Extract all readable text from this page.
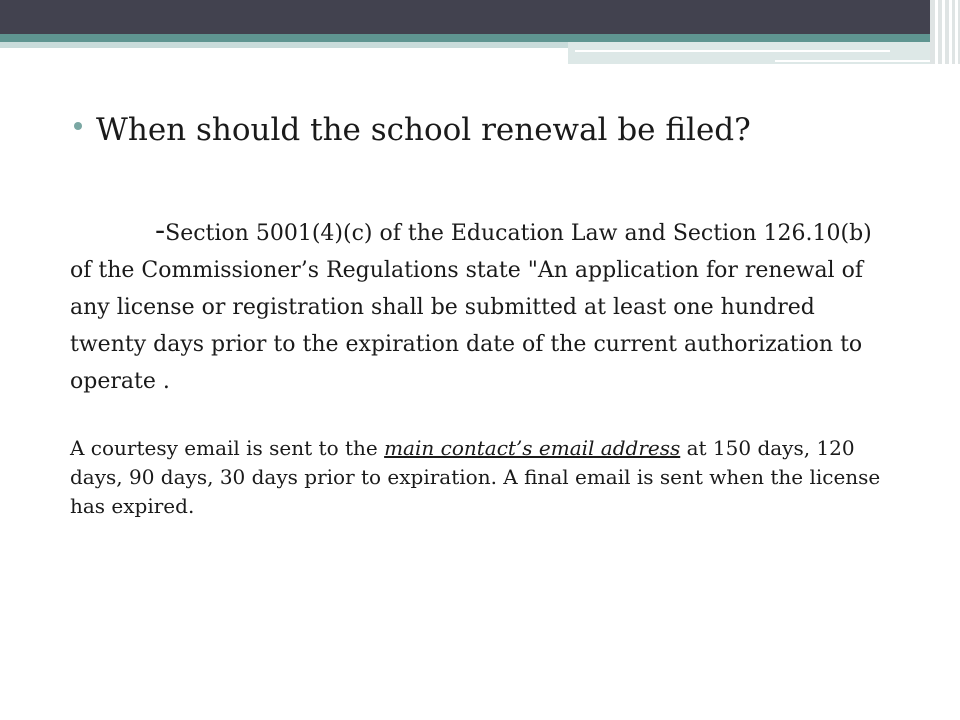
When should the school renewal be filed?
-Section 5001(4)(c) of the Education Law and Section 126.10(b) of the Commissioner’s Regulations state "An application for renewal of any license or registration shall be submitted at least one hundred twenty days prior to the expiration date of the current authorization to operate .
A courtesy email is sent to the main contact’s email address at 150 days, 120 days, 90 days, 30 days prior to expiration. A final email is sent when the license has expired.
